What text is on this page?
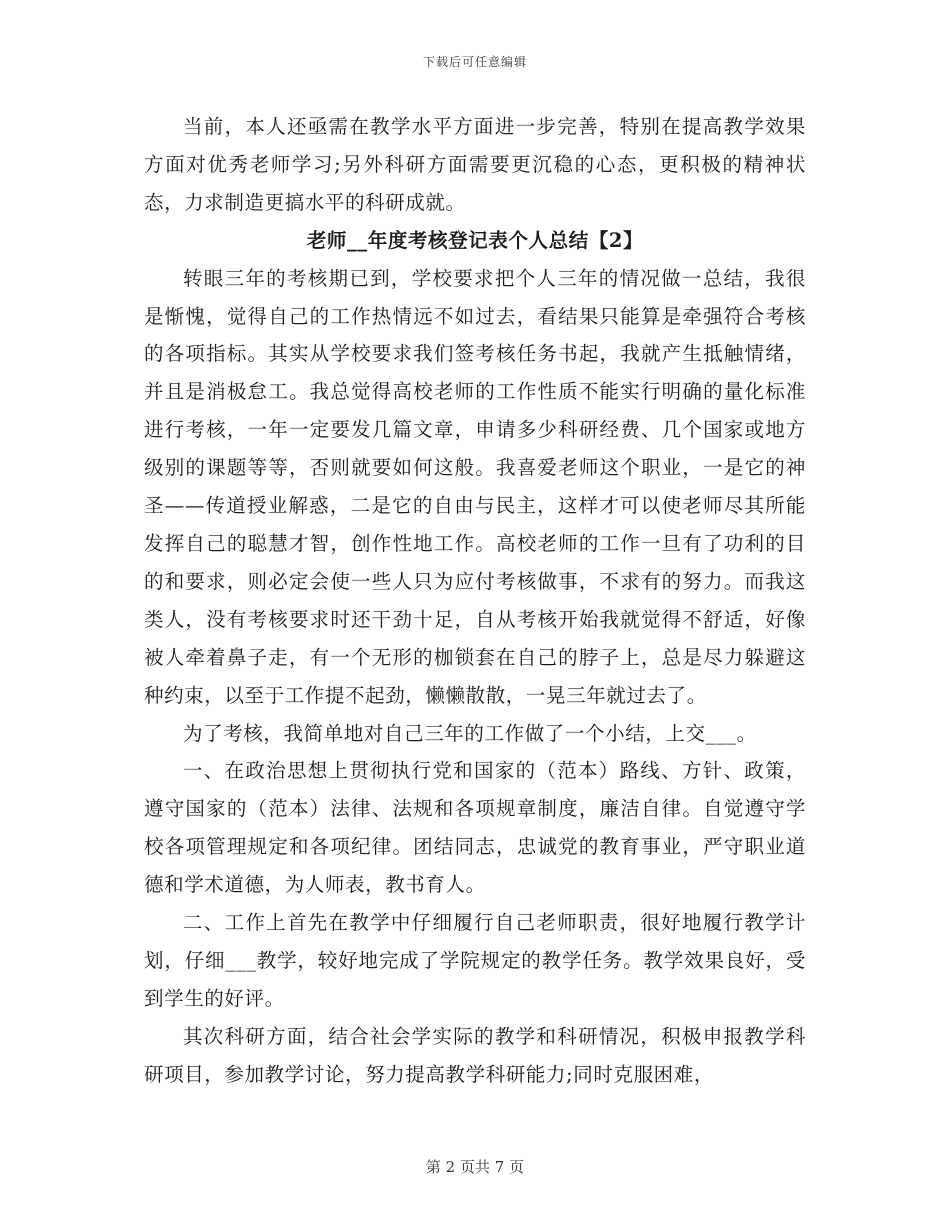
下载后可任意编辑

当前，本人还亟需在教学水平方面进一步完善，特别在提高教学效果方面对优秀老师学习;另外科研方面需要更沉稳的心态，更积极的精神状态，力求制造更搞水平的科研成就。

老师__年度考核登记表个人总结【2】

转眼三年的考核期已到，学校要求把个人三年的情况做一总结，我很是惭愧，觉得自己的工作热情远不如过去，看结果只能算是牵强符合考核的各项指标。其实从学校要求我们签考核任务书起，我就产生抵触情绪，并且是消极怠工。我总觉得高校老师的工作性质不能实行明确的量化标准进行考核，一年一定要发几篇文章，申请多少科研经费、几个国家或地方级别的课题等等，否则就要如何这般。我喜爱老师这个职业，一是它的神圣——传道授业解惑，二是它的自由与民主，这样才可以使老师尽其所能发挥自己的聪慧才智，创作性地工作。高校老师的工作一旦有了功利的目的和要求，则必定会使一些人只为应付考核做事，不求有的努力。而我这类人，没有考核要求时还干劲十足，自从考核开始我就觉得不舒适，好像被人牵着鼻子走，有一个无形的枷锁套在自己的脖子上，总是尽力躲避这种约束，以至于工作提不起劲，懒懒散散，一晃三年就过去了。

为了考核，我简单地对自己三年的工作做了一个小结，上交___。

一、在政治思想上贯彻执行党和国家的（范本）路线、方针、政策，遵守国家的（范本）法律、法规和各项规章制度，廉洁自律。自觉遵守学校各项管理规定和各项纪律。团结同志，忠诚党的教育事业，严守职业道德和学术道德，为人师表，教书育人。

二、工作上首先在教学中仔细履行自己老师职责，很好地履行教学计划，仔细___教学，较好地完成了学院规定的教学任务。教学效果良好，受到学生的好评。

其次科研方面，结合社会学实际的教学和科研情况，积极申报教学科研项目，参加教学讨论，努力提高教学科研能力;同时克服困难，

第 2 页共 7 页
